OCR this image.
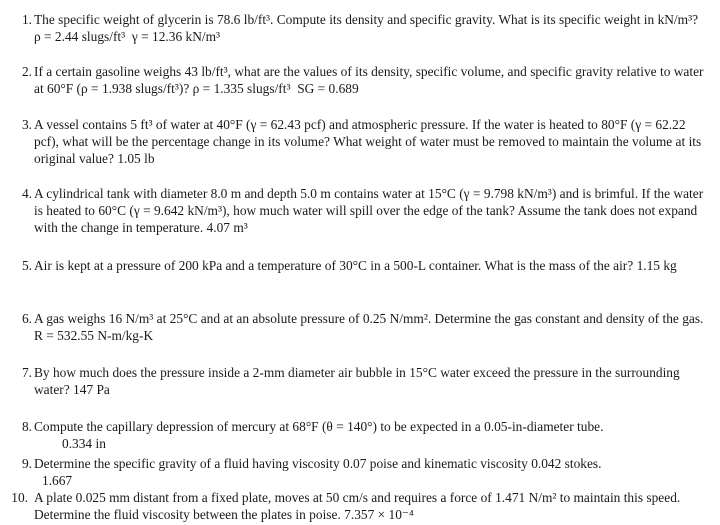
1. The specific weight of glycerin is 78.6 lb/ft³. Compute its density and specific gravity. What is its specific weight in kN/m³? ρ = 2.44 slugs/ft³  γ = 12.36 kN/m³
2. If a certain gasoline weighs 43 lb/ft³, what are the values of its density, specific volume, and specific gravity relative to water at 60°F (ρ = 1.938 slugs/ft³)? ρ = 1.335 slugs/ft³  SG = 0.689
3. A vessel contains 5 ft³ of water at 40°F (γ = 62.43 pcf) and atmospheric pressure. If the water is heated to 80°F (γ = 62.22 pcf), what will be the percentage change in its volume? What weight of water must be removed to maintain the volume at its original value? 1.05 lb
4. A cylindrical tank with diameter 8.0 m and depth 5.0 m contains water at 15°C (γ = 9.798 kN/m³) and is brimful. If the water is heated to 60°C (γ = 9.642 kN/m³), how much water will spill over the edge of the tank? Assume the tank does not expand with the change in temperature. 4.07 m³
5. Air is kept at a pressure of 200 kPa and a temperature of 30°C in a 500-L container. What is the mass of the air? 1.15 kg
6. A gas weighs 16 N/m³ at 25°C and at an absolute pressure of 0.25 N/mm². Determine the gas constant and density of the gas. R = 532.55 N-m/kg-K
7. By how much does the pressure inside a 2-mm diameter air bubble in 15°C water exceed the pressure in the surrounding water? 147 Pa
8. Compute the capillary depression of mercury at 68°F (θ = 140°) to be expected in a 0.05-in-diameter tube.
0.334 in
9. Determine the specific gravity of a fluid having viscosity 0.07 poise and kinematic viscosity 0.042 stokes.
1.667
10. A plate 0.025 mm distant from a fixed plate, moves at 50 cm/s and requires a force of 1.471 N/m² to maintain this speed. Determine the fluid viscosity between the plates in poise. 7.357 × 10⁻⁴
